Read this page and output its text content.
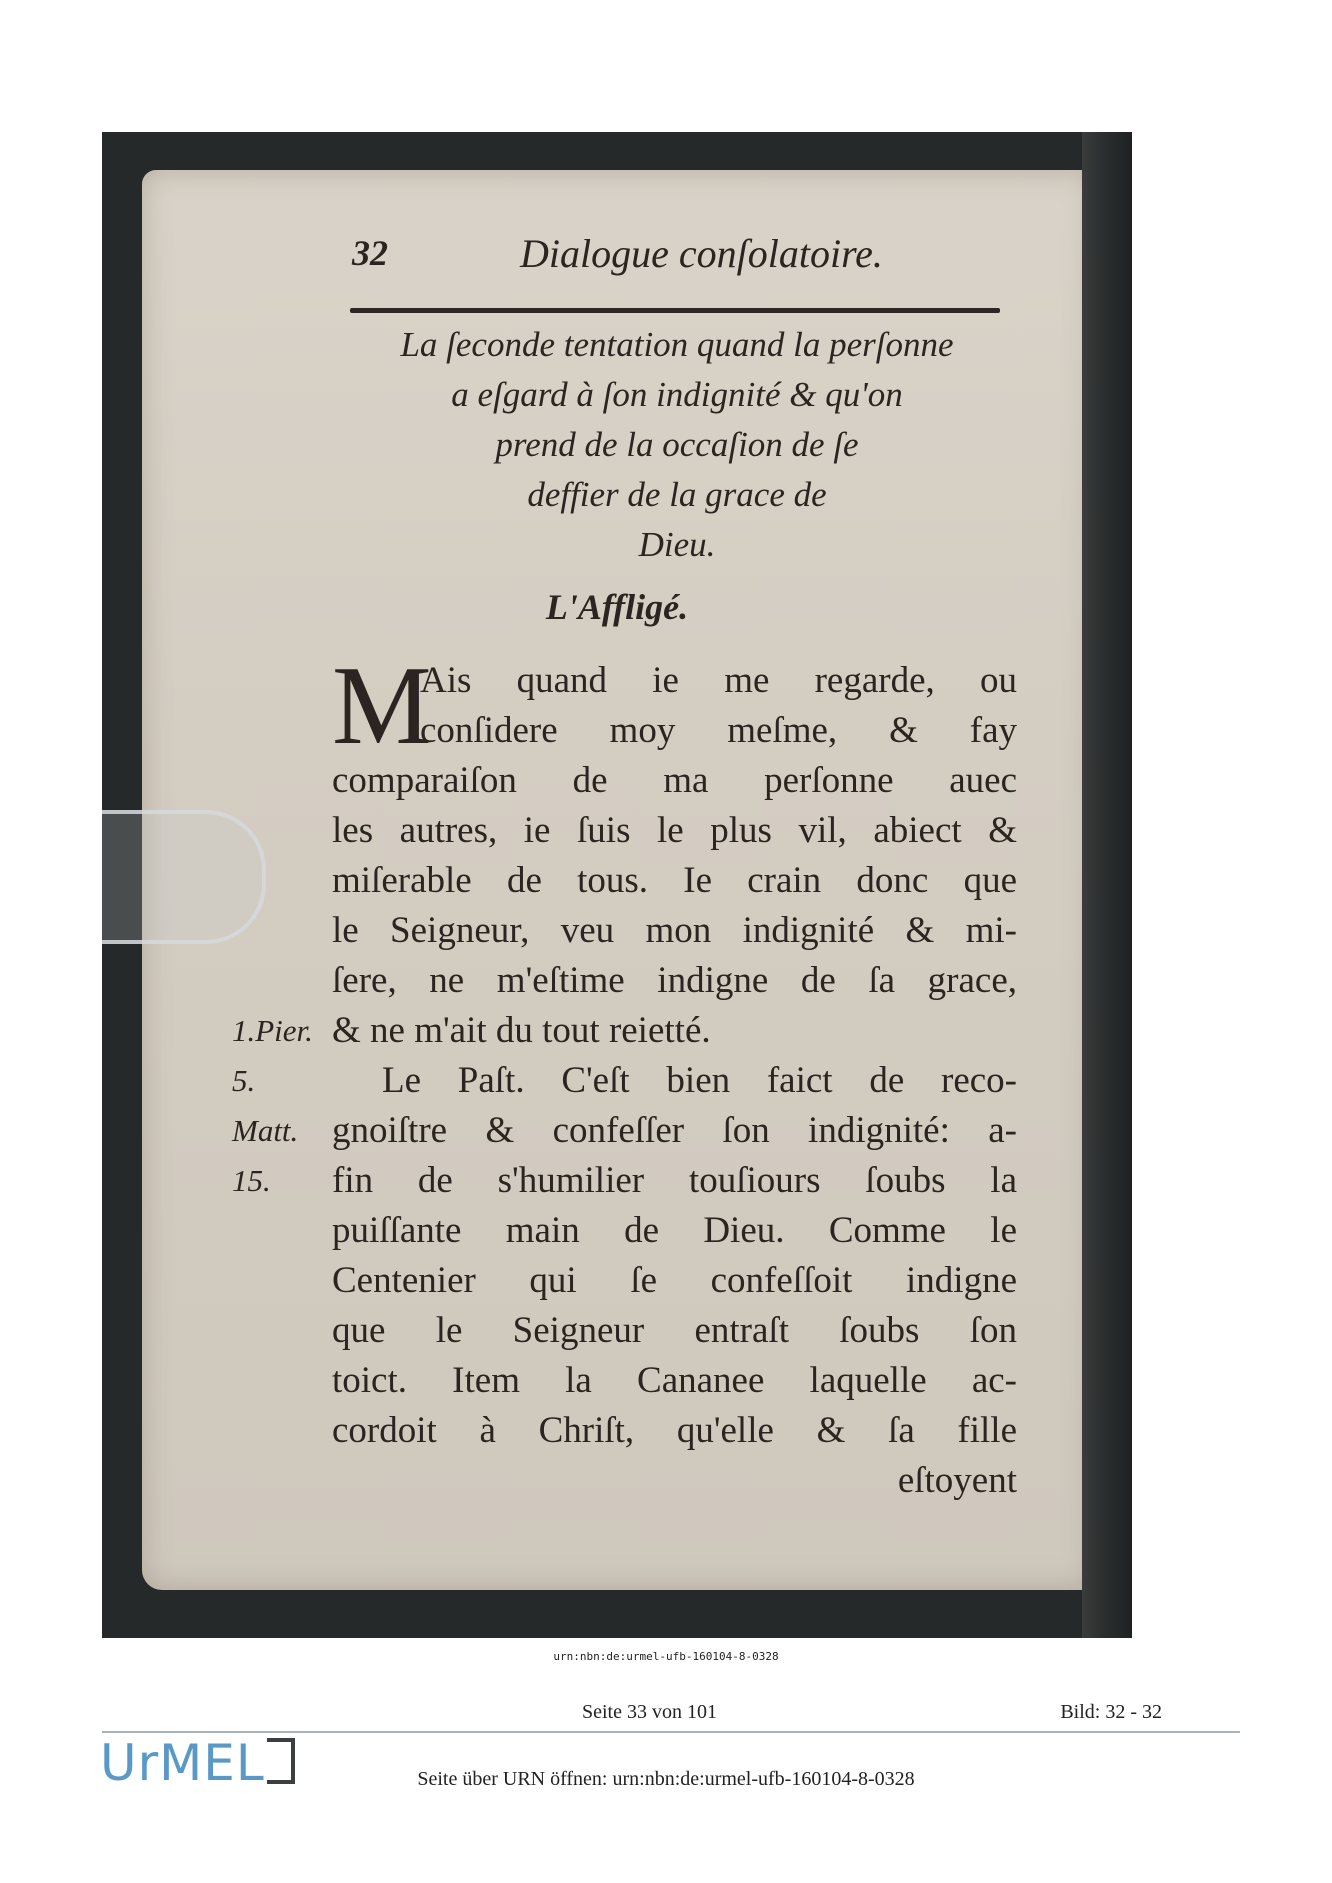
32	Dialogue conſolatoire.
La ſeconde tentation quand la perſonne
a eſgard à ſon indignité & qu'on
prend de la occaſion de ſe
deffier de la grace de
Dieu.
L'Affligé.
M
Ais quand ie me regarde, ou
conſidere moy meſme, & fay
comparaiſon de ma perſonne auec
les autres, ie ſuis le plus vil, abiect &
miſerable de tous. Ie crain donc que
le Seigneur, veu mon indignité & mi-
ſere, ne m'eſtime indigne de ſa grace,
& ne m'ait du tout reietté.
Le Paſt. C'eſt bien faict de reco-
gnoiſtre & confeſſer ſon indignité: a-
fin de s'humilier touſiours ſoubs la
puiſſante main de Dieu. Comme le
Centenier qui ſe confeſſoit indigne
que le Seigneur entraſt ſoubs ſon
toict. Item la Cananee laquelle ac-
cordoit à Chriſt, qu'elle & ſa fille
eſtoyent
1.Pier.
5.
Matt.
15.
urn:nbn:de:urmel-ufb-160104-8-0328
Seite 33 von 101	Bild: 32 - 32
UrMEL	Seite über URN öffnen: urn:nbn:de:urmel-ufb-160104-8-0328
